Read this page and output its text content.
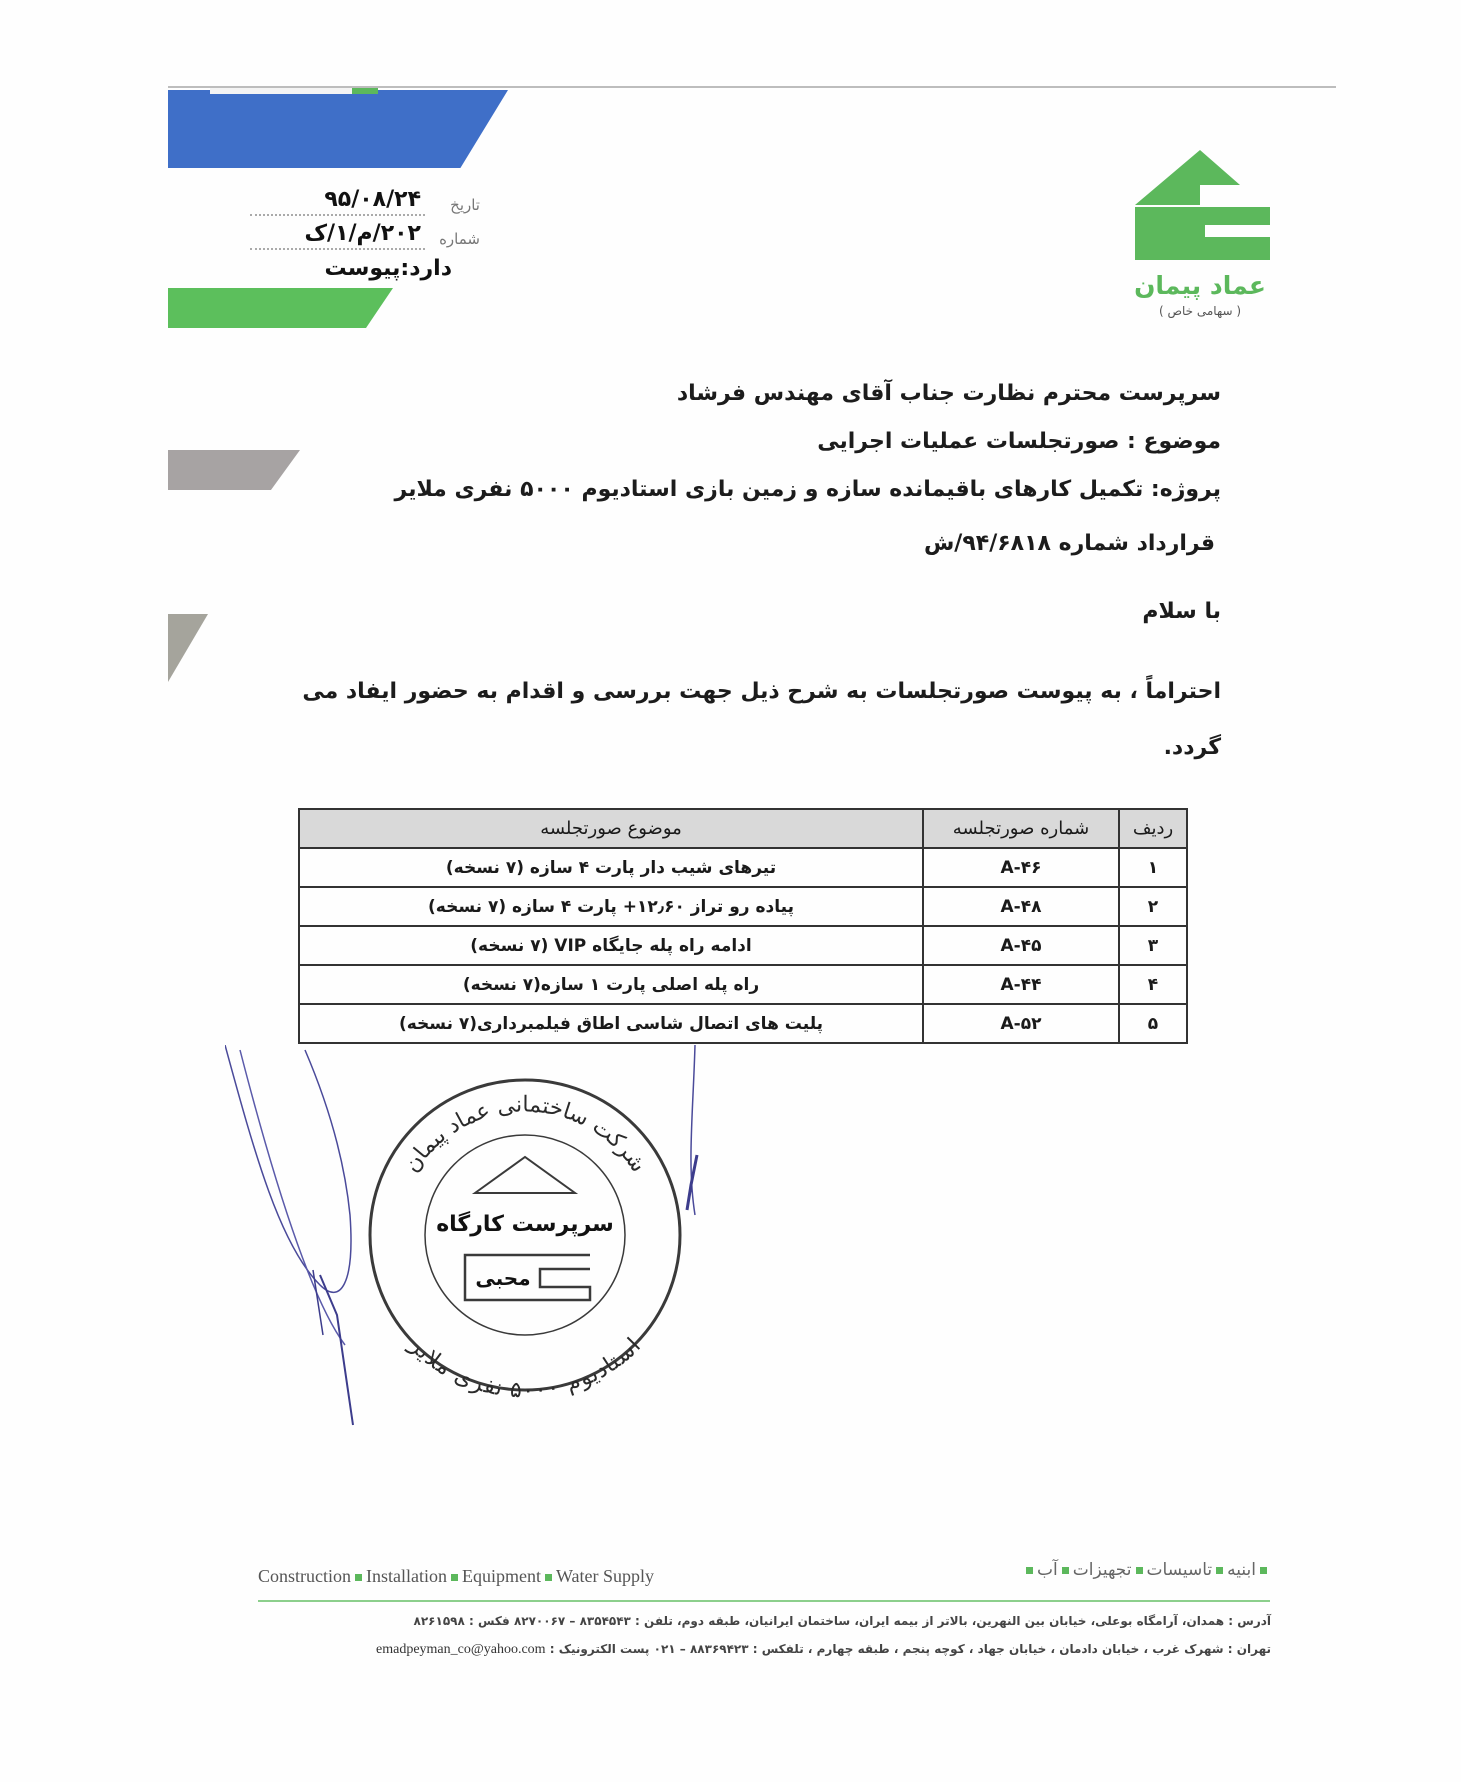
تاریخ
۹۵/۰۸/۲۴
شماره
۲۰۲/م/۱/ک
دارد:پیوست
عماد پیمان
( سهامی خاص )
سرپرست محترم نظارت جناب آقای مهندس فرشاد
موضوع : صورتجلسات عملیات اجرایی
پروژه: تکمیل کارهای باقیمانده سازه و زمین بازی استادیوم ۵۰۰۰ نفری ملایر
قرارداد شماره ۹۴/۶۸۱۸/ش
با سلام
احتراماً ، به پیوست صورتجلسات به شرح ذیل جهت بررسی و اقدام به حضور ایفاد می گردد.
ردیف	شماره صورتجلسه	موضوع صورتجلسه
۱	A-۴۶	تیرهای شیب دار پارت ۴ سازه (۷ نسخه)
۲	A-۴۸	پیاده رو تراز ۱۲٫۶۰+ پارت ۴ سازه (۷ نسخه)
۳	A-۴۵	ادامه راه پله جایگاه VIP (۷ نسخه)
۴	A-۴۴	راه پله اصلی پارت ۱ سازه(۷ نسخه)
۵	A-۵۲	پلیت های اتصال شاسی اطاق فیلمبرداری(۷ نسخه)
شرکت ساختمانی عماد پیمان
استادیوم ۵۰۰۰ نفری ملایر
سرپرست کارگاه
محبی
Construction Installation Equipment Water Supply	ابنیهتاسیساتتجهیزاتآب
آدرس : همدان، آرامگاه بوعلی، خیابان بین النهرین، بالاتر از بیمه ایران، ساختمان ایرانیان، طبقه دوم، تلفن : ۸۳۵۴۵۴۳ – ۸۲۷۰۰۶۷ فکس : ۸۲۶۱۵۹۸
تهران : شهرک غرب ، خیابان دادمان ، خیابان جهاد ، کوچه پنجم ، طبقه چهارم ، تلفکس : ۸۸۳۶۹۴۲۳ – ۰۲۱ پست الکترونیک : emadpeyman_co@yahoo.com
